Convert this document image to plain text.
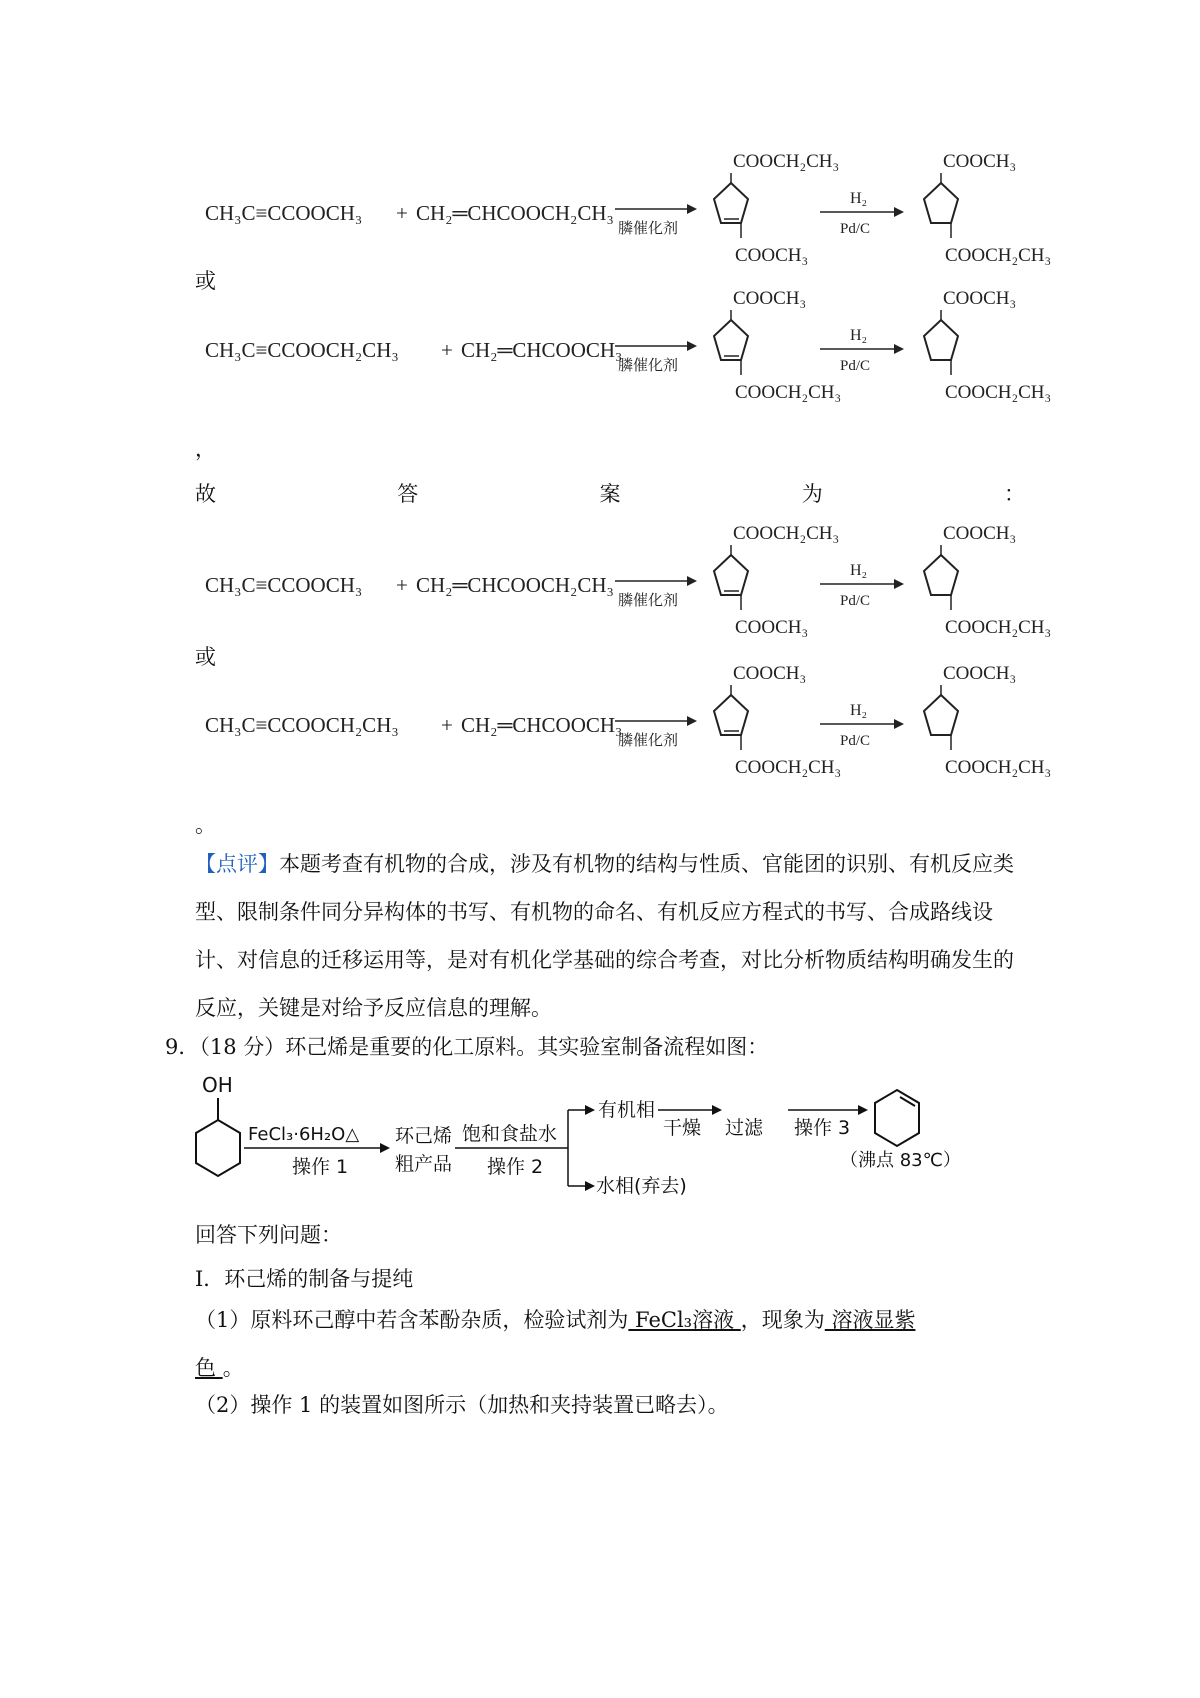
CH₃C≡CCOOCH₃ + CH₂═CHCOOCH₂CH₃
膦催化剂
COOCH₂CH₃
COOCH₃
H₂
Pd/C
COOCH₃
COOCH₂CH₃
或
CH₃C≡CCOOCH₂CH₃ + CH₂═CHCOOCH₃
膦催化剂
COOCH₃
COOCH₂CH₃
H₂
Pd/C
COOCH₃
COOCH₂CH₃
，
故	答	案	为	：
CH₃C≡CCOOCH₃ + CH₂═CHCOOCH₂CH₃
膦催化剂
COOCH₂CH₃
COOCH₃
H₂
Pd/C
COOCH₃
COOCH₂CH₃
或
CH₃C≡CCOOCH₂CH₃ + CH₂═CHCOOCH₃
膦催化剂
COOCH₃
COOCH₂CH₃
H₂
Pd/C
COOCH₃
COOCH₂CH₃
。
【点评】本题考查有机物的合成，涉及有机物的结构与性质、官能团的识别、有机反应类型、限制条件同分异构体的书写、有机物的命名、有机反应方程式的书写、合成路线设计、对信息的迁移运用等，是对有机化学基础的综合考查，对比分析物质结构明确发生的反应，关键是对给予反应信息的理解。
9．（18 分）环己烯是重要的化工原料。其实验室制备流程如图：
OH
FeCl₃·6H₂O△
操作 1
环己烯
粗产品
饱和食盐水
操作 2
有机相
水相(弃去)
干燥 过滤 操作 3
（沸点 83℃）
回答下列问题：
Ⅰ．环己烯的制备与提纯
（1）原料环己醇中若含苯酚杂质，检验试剂为 FeCl₃溶液 ，现象为 溶液显紫
色 。
（2）操作 1 的装置如图所示（加热和夹持装置已略去）。
